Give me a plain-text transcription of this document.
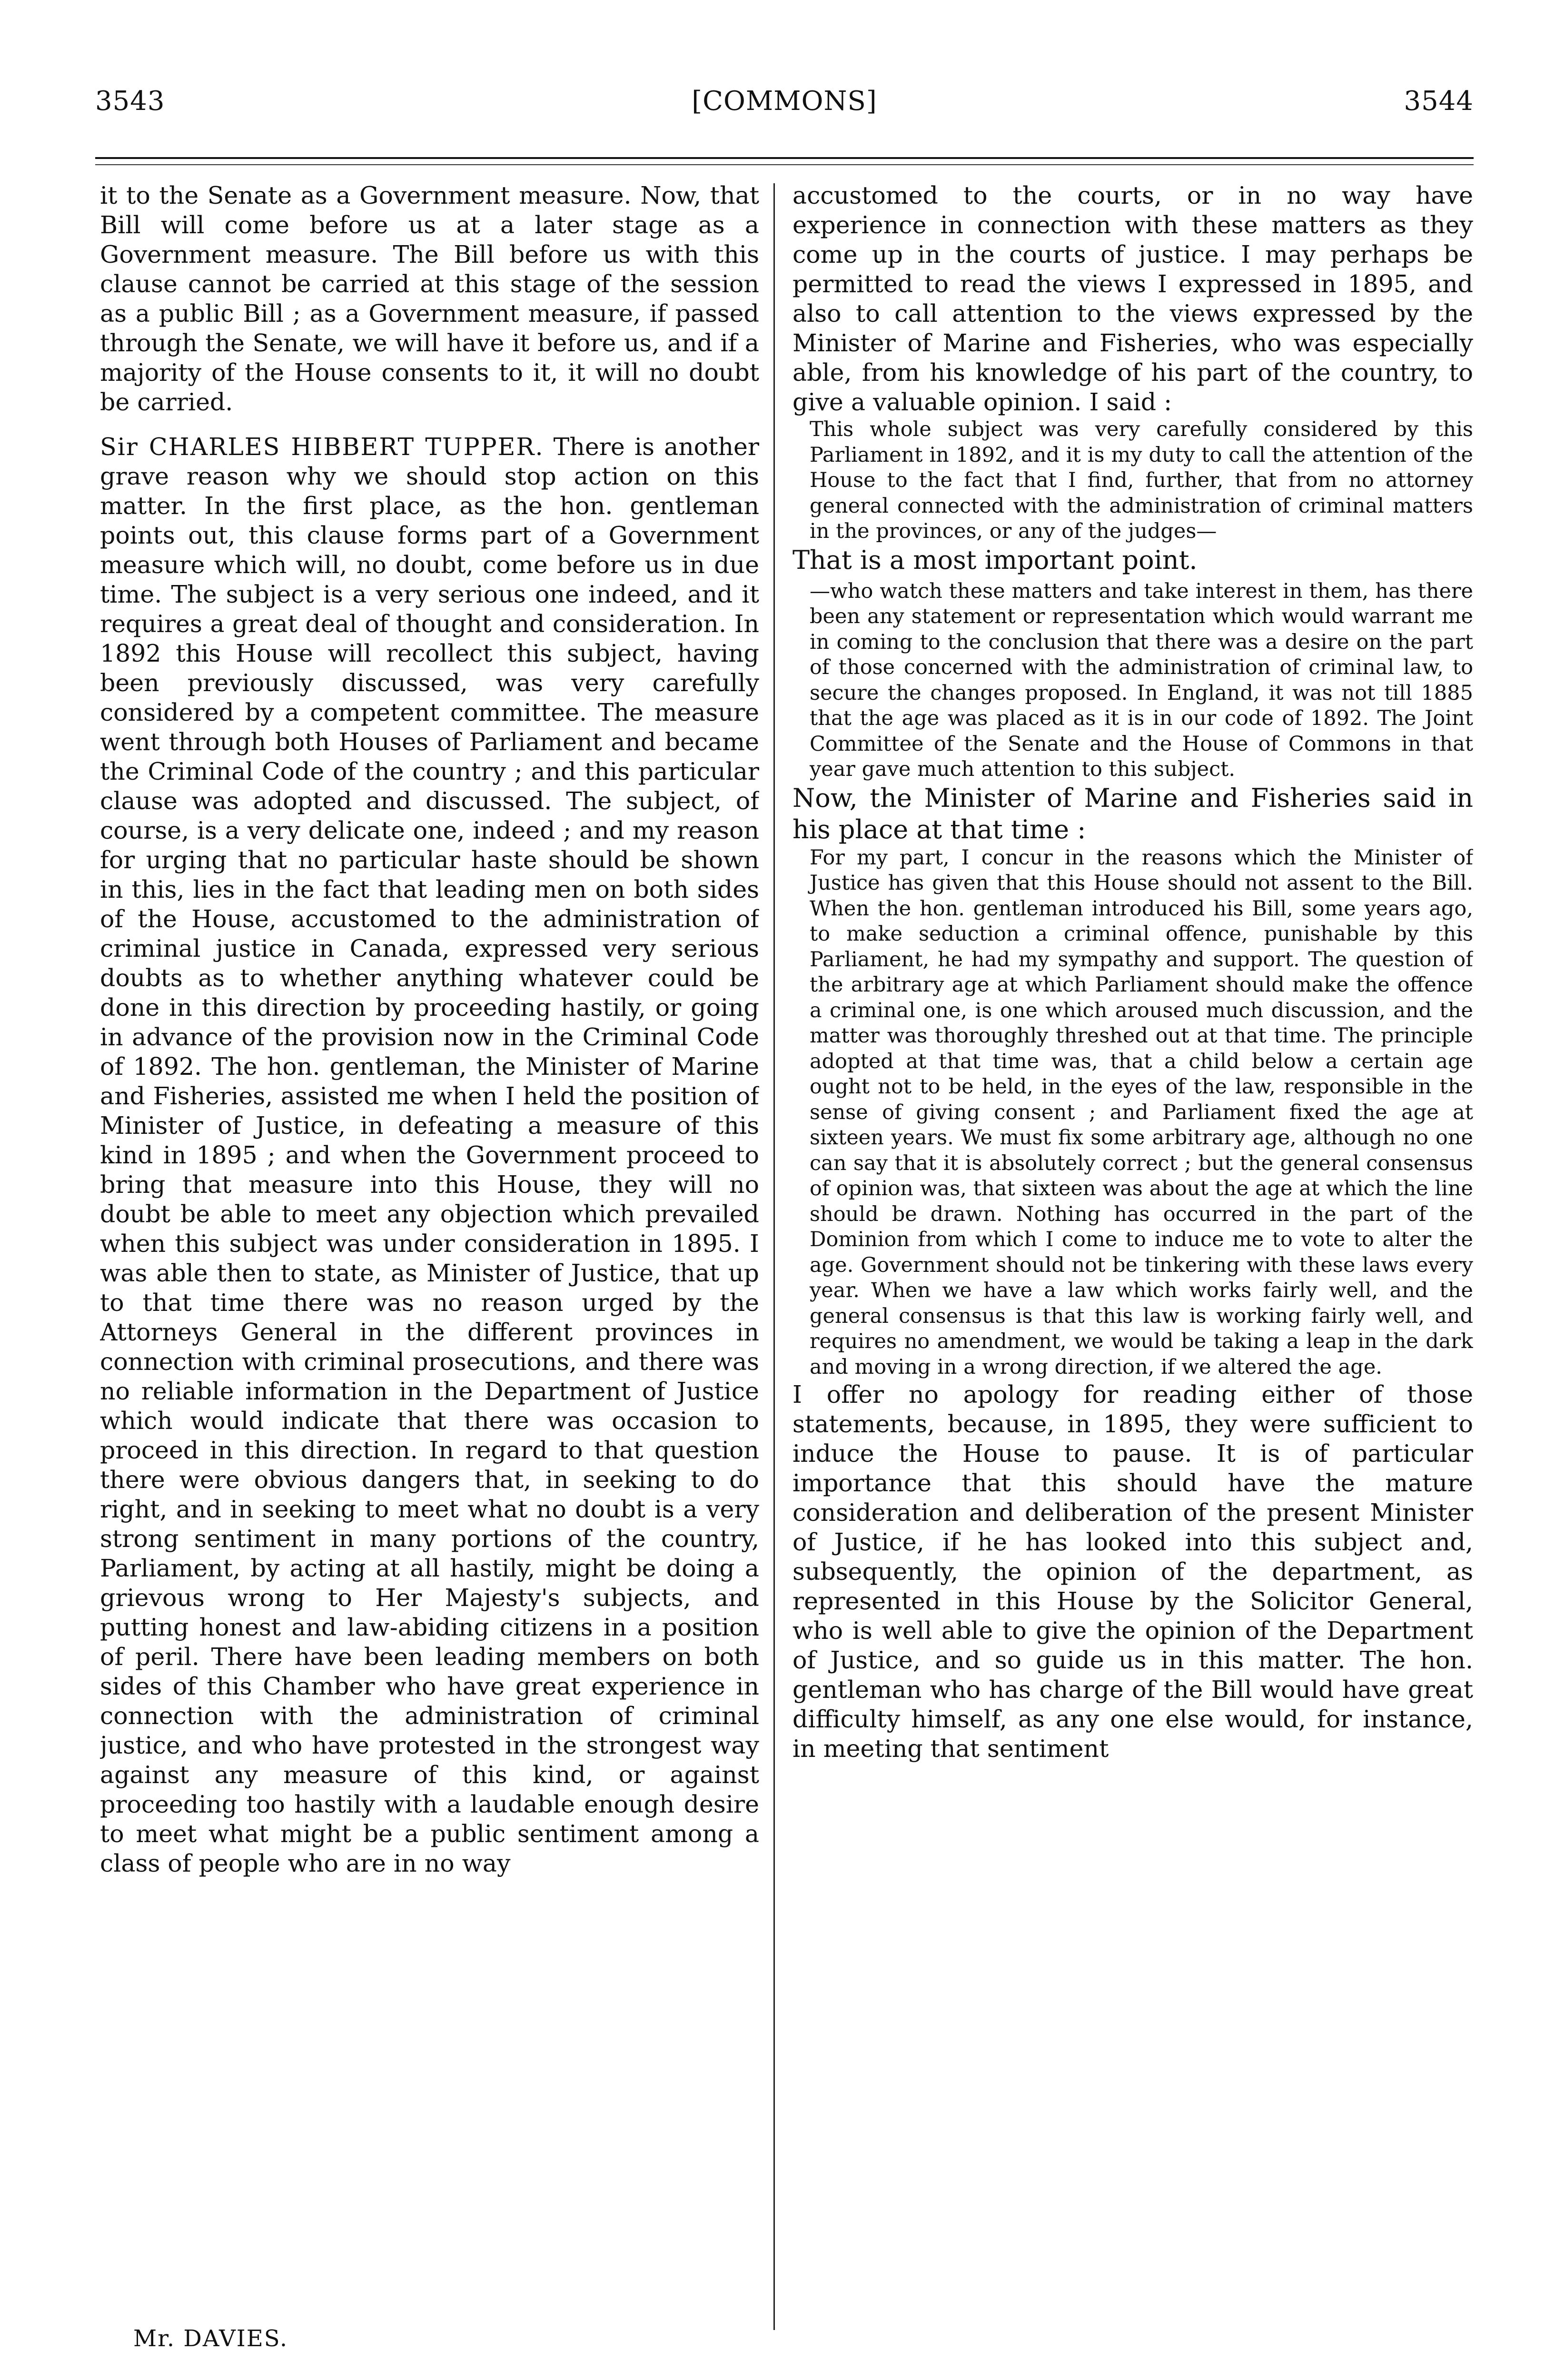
3543	[COMMONS]	3544

it to the Senate as a Government measure. Now, that Bill will come before us at a later stage as a Government measure. The Bill before us with this clause cannot be carried at this stage of the session as a public Bill ; as a Government measure, if passed through the Senate, we will have it before us, and if a majority of the House consents to it, it will no doubt be carried.

Sir CHARLES HIBBERT TUPPER. There is another grave reason why we should stop action on this matter. In the first place, as the hon. gentleman points out, this clause forms part of a Government measure which will, no doubt, come before us in due time. The subject is a very serious one indeed, and it requires a great deal of thought and consideration. In 1892 this House will recollect this subject, having been previously discussed, was very carefully considered by a competent committee. The measure went through both Houses of Parliament and became the Criminal Code of the country ; and this particular clause was adopted and discussed. The subject, of course, is a very delicate one, indeed ; and my reason for urging that no particular haste should be shown in this, lies in the fact that leading men on both sides of the House, accustomed to the administration of criminal justice in Canada, expressed very serious doubts as to whether anything whatever could be done in this direction by proceeding hastily, or going in advance of the provision now in the Criminal Code of 1892. The hon. gentleman, the Minister of Marine and Fisheries, assisted me when I held the position of Minister of Justice, in defeating a measure of this kind in 1895 ; and when the Government proceed to bring that measure into this House, they will no doubt be able to meet any objection which prevailed when this subject was under consideration in 1895. I was able then to state, as Minister of Justice, that up to that time there was no reason urged by the Attorneys General in the different provinces in connection with criminal prosecutions, and there was no reliable information in the Department of Justice which would indicate that there was occasion to proceed in this direction. In regard to that question there were obvious dangers that, in seeking to do right, and in seeking to meet what no doubt is a very strong sentiment in many portions of the country, Parliament, by acting at all hastily, might be doing a grievous wrong to Her Majesty's subjects, and putting honest and law-abiding citizens in a position of peril. There have been leading members on both sides of this Chamber who have great experience in connection with the administration of criminal justice, and who have protested in the strongest way against any measure of this kind, or against proceeding too hastily with a laudable enough desire to meet what might be a public sentiment among a class of people who are in no way

accustomed to the courts, or in no way have experience in connection with these matters as they come up in the courts of justice. I may perhaps be permitted to read the views I expressed in 1895, and also to call attention to the views expressed by the Minister of Marine and Fisheries, who was especially able, from his knowledge of his part of the country, to give a valuable opinion. I said :

This whole subject was very carefully considered by this Parliament in 1892, and it is my duty to call the attention of the House to the fact that I find, further, that from no attorney general connected with the administration of criminal matters in the provinces, or any of the judges—

That is a most important point.

—who watch these matters and take interest in them, has there been any statement or representation which would warrant me in coming to the conclusion that there was a desire on the part of those concerned with the administration of criminal law, to secure the changes proposed. In England, it was not till 1885 that the age was placed as it is in our code of 1892. The Joint Committee of the Senate and the House of Commons in that year gave much attention to this subject.

Now, the Minister of Marine and Fisheries said in his place at that time :

For my part, I concur in the reasons which the Minister of Justice has given that this House should not assent to the Bill. When the hon. gentleman introduced his Bill, some years ago, to make seduction a criminal offence, punishable by this Parliament, he had my sympathy and support. The question of the arbitrary age at which Parliament should make the offence a criminal one, is one which aroused much discussion, and the matter was thoroughly threshed out at that time. The principle adopted at that time was, that a child below a certain age ought not to be held, in the eyes of the law, responsible in the sense of giving consent ; and Parliament fixed the age at sixteen years. We must fix some arbitrary age, although no one can say that it is absolutely correct ; but the general consensus of opinion was, that sixteen was about the age at which the line should be drawn. Nothing has occurred in the part of the Dominion from which I come to induce me to vote to alter the age. Government should not be tinkering with these laws every year. When we have a law which works fairly well, and the general consensus is that this law is working fairly well, and requires no amendment, we would be taking a leap in the dark and moving in a wrong direction, if we altered the age.

I offer no apology for reading either of those statements, because, in 1895, they were sufficient to induce the House to pause. It is of particular importance that this should have the mature consideration and deliberation of the present Minister of Justice, if he has looked into this subject and, subsequently, the opinion of the department, as represented in this House by the Solicitor General, who is well able to give the opinion of the Department of Justice, and so guide us in this matter. The hon. gentleman who has charge of the Bill would have great difficulty himself, as any one else would, for instance, in meeting that sentiment

Mr. DAVIES.
